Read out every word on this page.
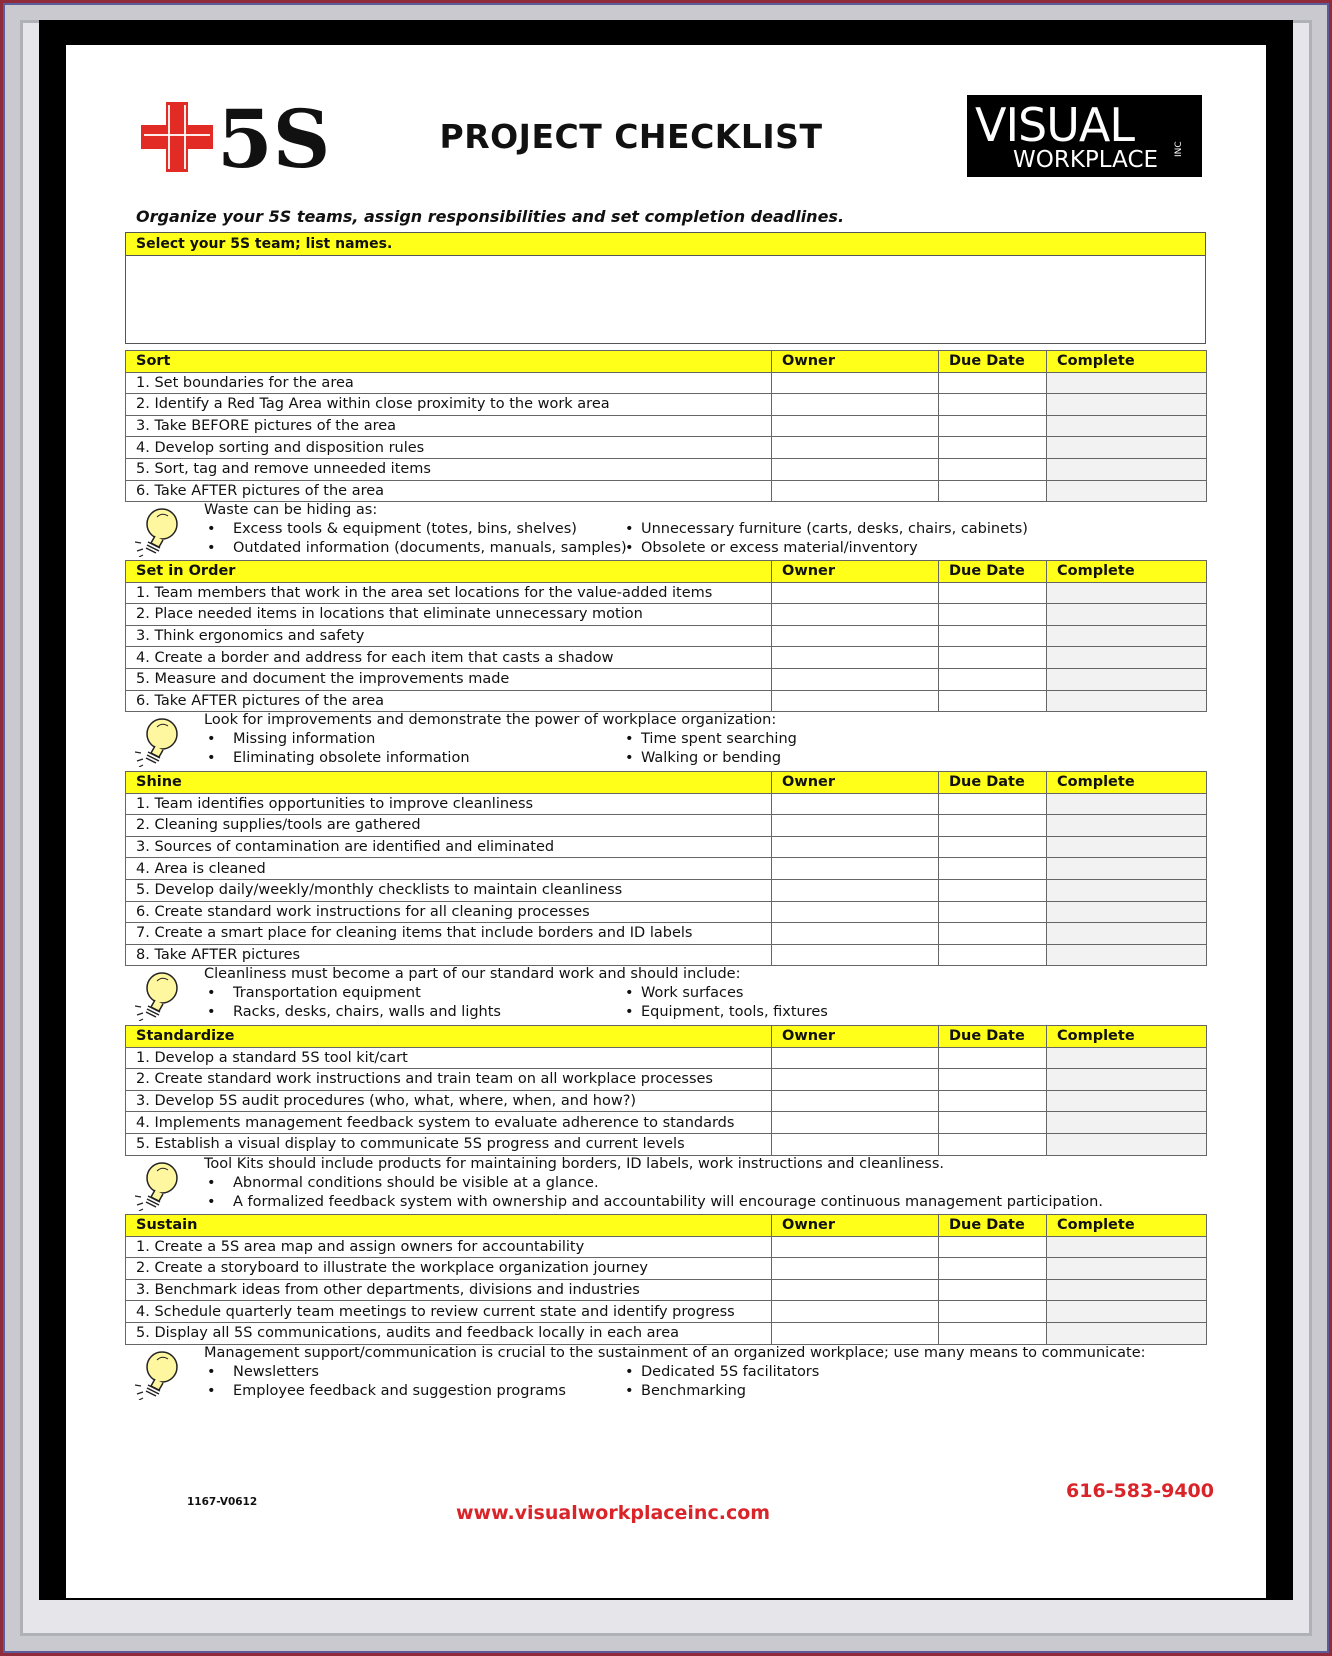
5S	PROJECT CHECKLIST	VISUAL
WORKPLACE INC
Organize your 5S teams, assign responsibilities and set completion deadlines.
Select your 5S team; list names.
Sort	Owner	Due Date	Complete
1. Set boundaries for the area			
2. Identify a Red Tag Area within close proximity to the work area			
3. Take BEFORE pictures of the area			
4. Develop sorting and disposition rules			
5. Sort, tag and remove unneeded items			
6. Take AFTER pictures of the area			
Waste can be hiding as:
• Excess tools & equipment (totes, bins, shelves)
• Outdated information (documents, manuals, samples)
• Unnecessary furniture (carts, desks, chairs, cabinets)
• Obsolete or excess material/inventory
Set in Order	Owner	Due Date	Complete
1. Team members that work in the area set locations for the value-added items			
2. Place needed items in locations that eliminate unnecessary motion			
3. Think ergonomics and safety			
4. Create a border and address for each item that casts a shadow			
5. Measure and document the improvements made			
6. Take AFTER pictures of the area			
Look for improvements and demonstrate the power of workplace organization:
• Missing information
• Eliminating obsolete information
• Time spent searching
• Walking or bending
Shine	Owner	Due Date	Complete
1. Team identifies opportunities to improve cleanliness			
2. Cleaning supplies/tools are gathered			
3. Sources of contamination are identified and eliminated			
4. Area is cleaned			
5. Develop daily/weekly/monthly checklists to maintain cleanliness			
6. Create standard work instructions for all cleaning processes			
7. Create a smart place for cleaning items that include borders and ID labels			
8. Take AFTER pictures			
Cleanliness must become a part of our standard work and should include:
• Transportation equipment
• Racks, desks, chairs, walls and lights
• Work surfaces
• Equipment, tools, fixtures
Standardize	Owner	Due Date	Complete
1. Develop a standard 5S tool kit/cart			
2. Create standard work instructions and train team on all workplace processes			
3. Develop 5S audit procedures (who, what, where, when, and how?)			
4. Implements management feedback system to evaluate adherence to standards			
5. Establish a visual display to communicate 5S progress and current levels			
Tool Kits should include products for maintaining borders, ID labels, work instructions and cleanliness.
• Abnormal conditions should be visible at a glance.
• A formalized feedback system with ownership and accountability will encourage continuous management participation.
Sustain	Owner	Due Date	Complete
1. Create a 5S area map and assign owners for accountability			
2. Create a storyboard to illustrate the workplace organization journey			
3. Benchmark ideas from other departments, divisions and industries			
4. Schedule quarterly team meetings to review current state and identify progress			
5. Display all 5S communications, audits and feedback locally in each area			
Management support/communication is crucial to the sustainment of an organized workplace; use many means to communicate:
• Newsletters
• Employee feedback and suggestion programs
• Dedicated 5S facilitators
• Benchmarking
1167-V0612	616-583-9400
www.visualworkplaceinc.com
